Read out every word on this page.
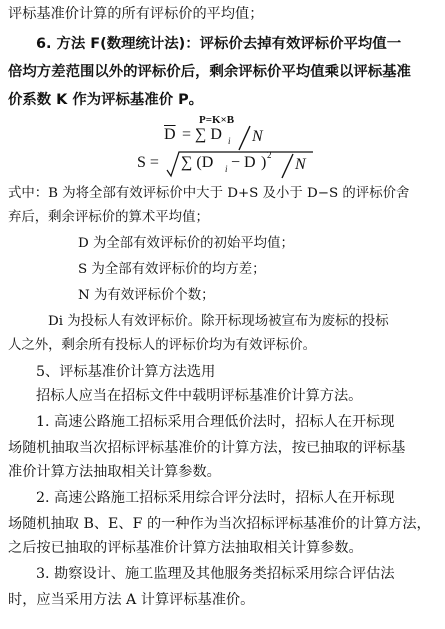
评标基准价计算的所有评标价的平均值；
6. 方法 F(数理统计法)：评标价去掉有效评标价平均值一
倍均方差范围以外的评标价后，剩余评标价平均值乘以评标基准
价系数 K 作为评标基准价 P。
P=K×B
$\overline{D}$ = ∑ D i N
S = ∑ (D i − D ) 2
N
式中：B 为将全部有效评标价中大于 D+S 及小于 D−S 的评标价舍
弃后，剩余评标价的算术平均值；
D 为全部有效评标价的初始平均值；
S 为全部有效评标价的均方差；
N 为有效评标价个数；
Di 为投标人有效评标价。除开标现场被宣布为废标的投标
人之外，剩余所有投标人的评标价均为有效评标价。
5、评标基准价计算方法选用
招标人应当在招标文件中载明评标基准价计算方法。
1. 高速公路施工招标采用合理低价法时，招标人在开标现
场随机抽取当次招标评标基准价的计算方法，按已抽取的评标基
准价计算方法抽取相关计算参数。
2. 高速公路施工招标采用综合评分法时，招标人在开标现
场随机抽取 B、E、F 的一种作为当次招标评标基准价的计算方法，
之后按已抽取的评标基准价计算方法抽取相关计算参数。
3. 勘察设计、施工监理及其他服务类招标采用综合评估法
时，应当采用方法 A 计算评标基准价。
